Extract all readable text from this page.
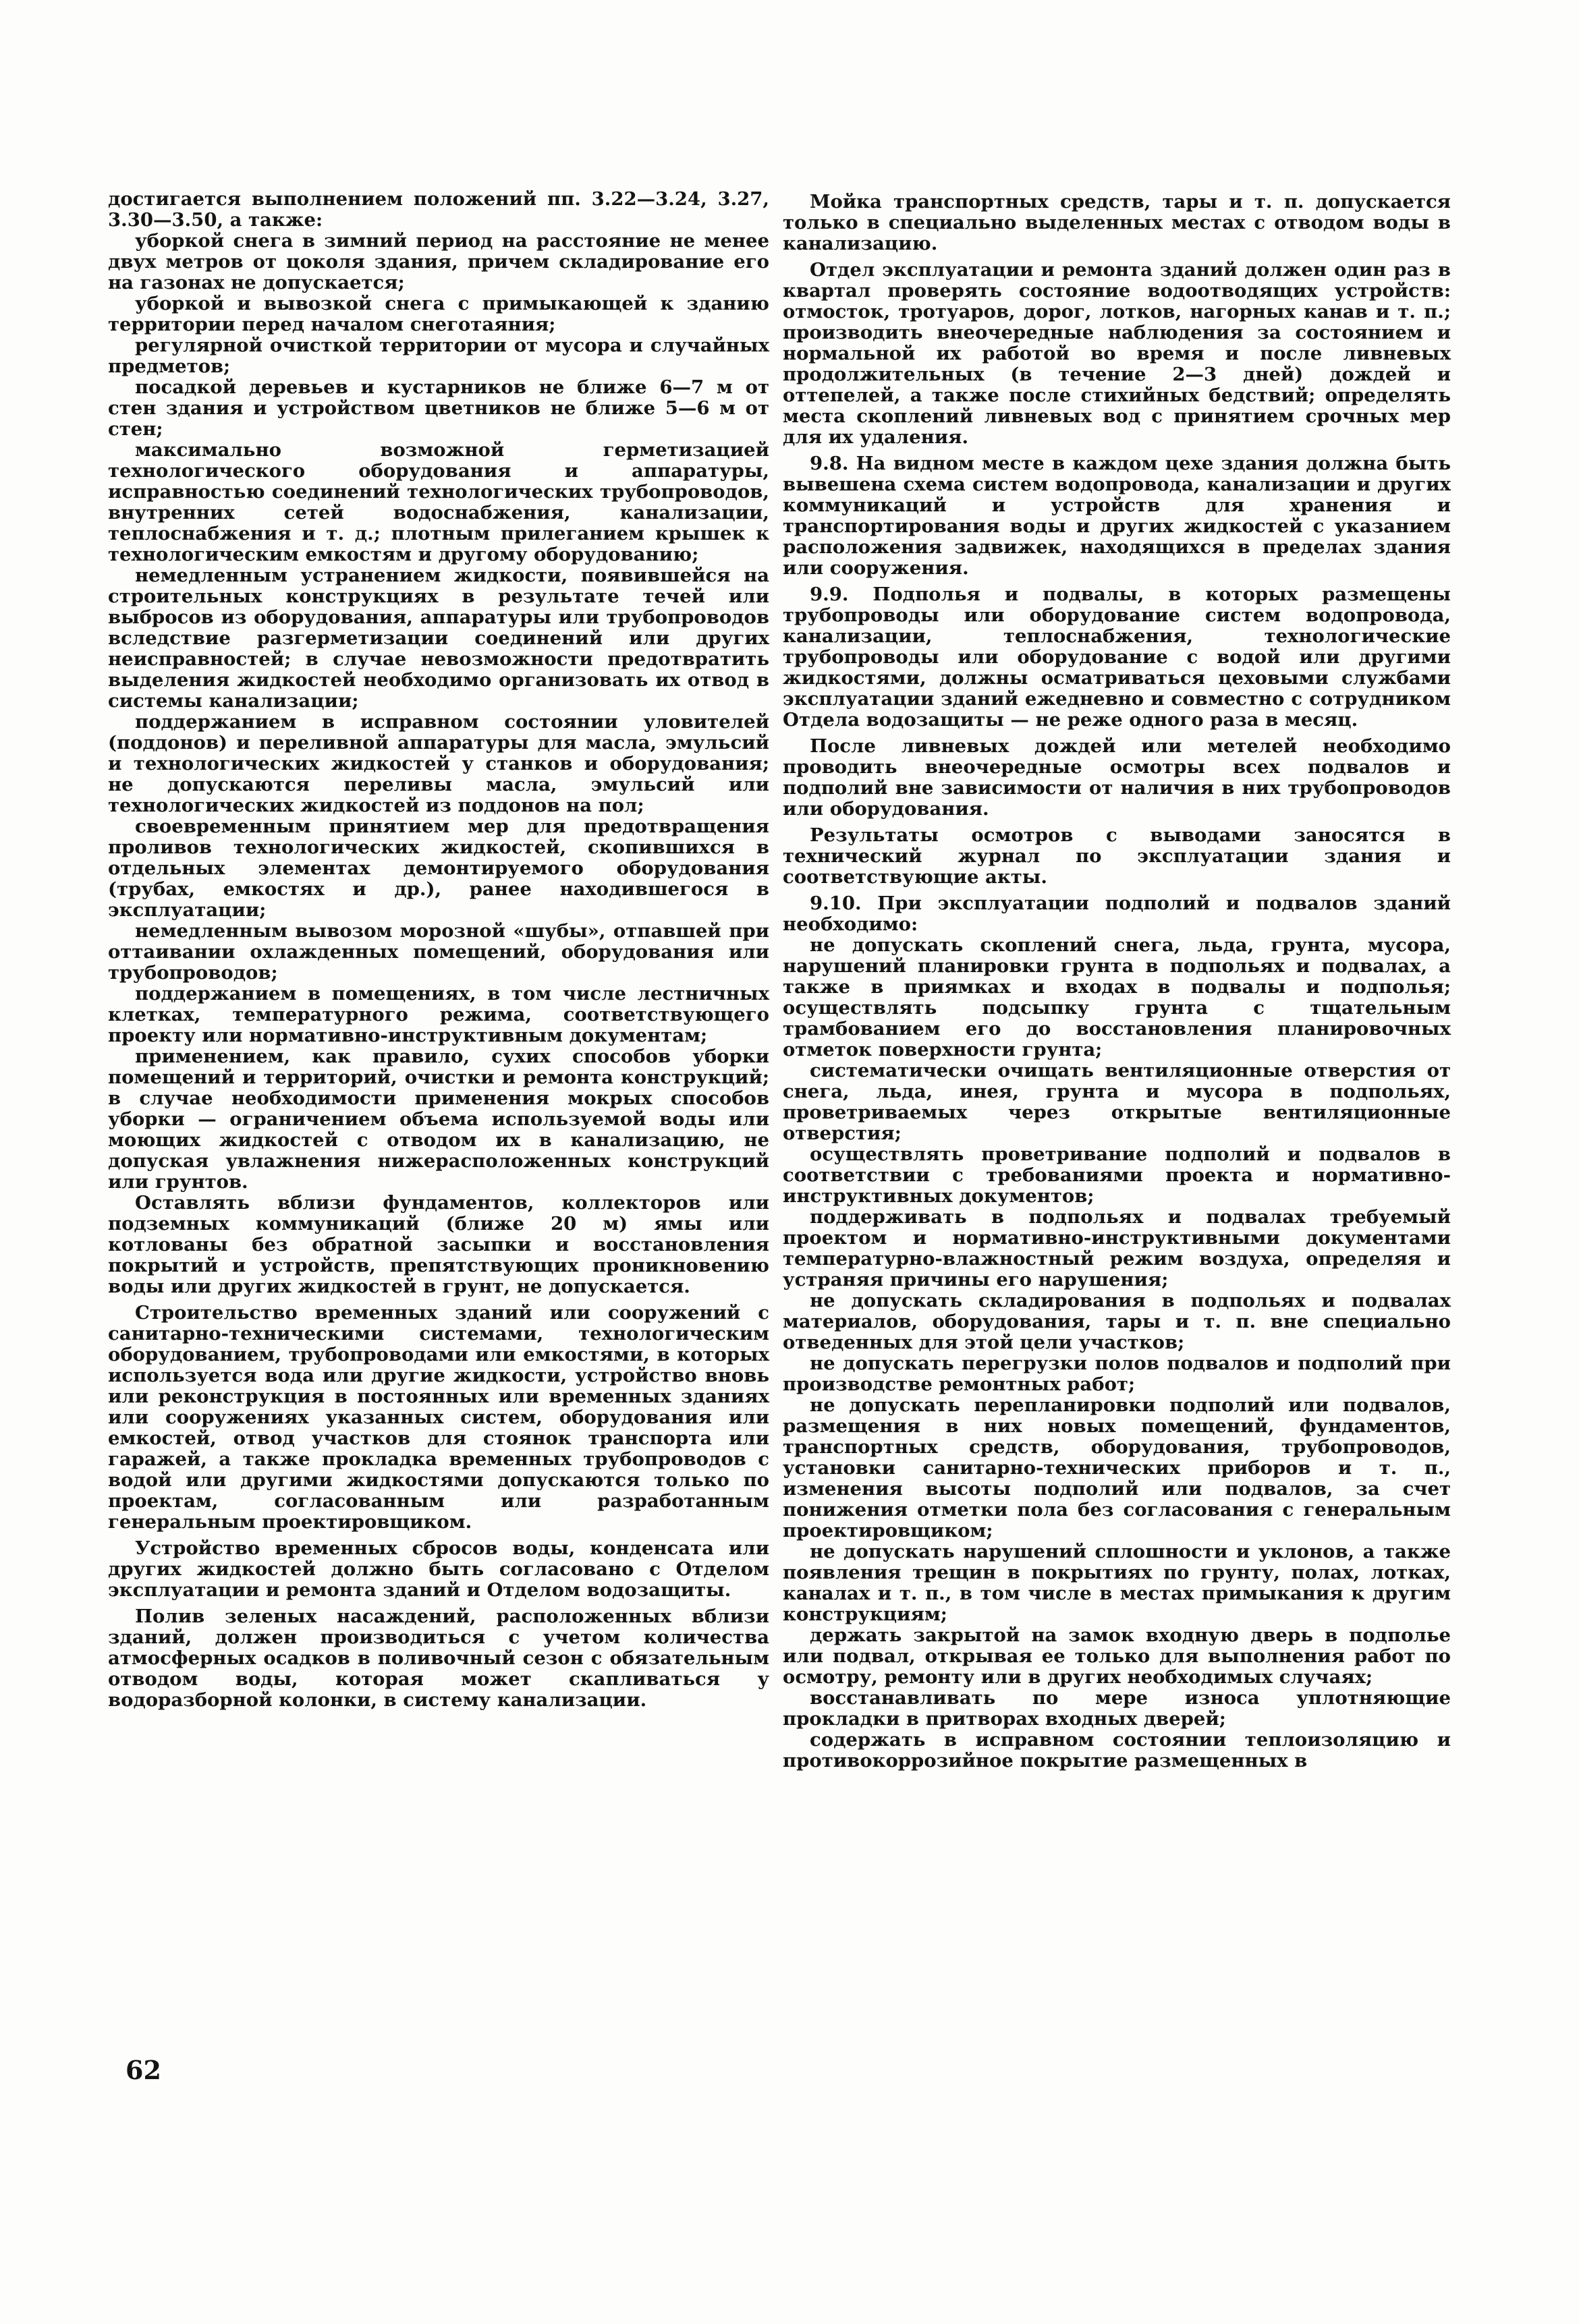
достигается выполнением положений пп. 3.22—3.24, 3.27, 3.30—3.50, а также:

уборкой снега в зимний период на расстояние не менее двух метров от цоколя здания, причем складирование его на газонах не допускается;

уборкой и вывозкой снега с примыкающей к зданию территории перед началом снеготаяния;

регулярной очисткой территории от мусора и случайных предметов;

посадкой деревьев и кустарников не ближе 6—7 м от стен здания и устройством цветников не ближе 5—6 м от стен;

максимально возможной герметизацией технологического оборудования и аппаратуры, исправностью соединений технологических трубопроводов, внутренних сетей водоснабжения, канализации, теплоснабжения и т. д.; плотным прилеганием крышек к технологическим емкостям и другому оборудованию;

немедленным устранением жидкости, появившейся на строительных конструкциях в результате течей или выбросов из оборудования, аппаратуры или трубопроводов вследствие разгерметизации соединений или других неисправностей; в случае невозможности предотвратить выделения жидкостей необходимо организовать их отвод в системы канализации;

поддержанием в исправном состоянии уловителей (поддонов) и переливной аппаратуры для масла, эмульсий и технологических жидкостей у станков и оборудования; не допускаются переливы масла, эмульсий или технологических жидкостей из поддонов на пол;

своевременным принятием мер для предотвращения проливов технологических жидкостей, скопившихся в отдельных элементах демонтируемого оборудования (трубах, емкостях и др.), ранее находившегося в эксплуатации;

немедленным вывозом морозной «шубы», отпавшей при оттаивании охлажденных помещений, оборудования или трубопроводов;

поддержанием в помещениях, в том числе лестничных клетках, температурного режима, соответствующего проекту или нормативно-инструктивным документам;

применением, как правило, сухих способов уборки помещений и территорий, очистки и ремонта конструкций; в случае необходимости применения мокрых способов уборки — ограничением объема используемой воды или моющих жидкостей с отводом их в канализацию, не допуская увлажнения нижерасположенных конструкций или грунтов.

Оставлять вблизи фундаментов, коллекторов или подземных коммуникаций (ближе 20 м) ямы или котлованы без обратной засыпки и восстановления покрытий и устройств, препятствующих проникновению воды или других жидкостей в грунт, не допускается.

Строительство временных зданий или сооружений с санитарно-техническими системами, технологическим оборудованием, трубопроводами или емкостями, в которых используется вода или другие жидкости, устройство вновь или реконструкция в постоянных или временных зданиях или сооружениях указанных систем, оборудования или емкостей, отвод участков для стоянок транспорта или гаражей, а также прокладка временных трубопроводов с водой или другими жидкостями допускаются только по проектам, согласованным или разработанным генеральным проектировщиком.

Устройство временных сбросов воды, конденсата или других жидкостей должно быть согласовано с Отделом эксплуатации и ремонта зданий и Отделом водозащиты.

Полив зеленых насаждений, расположенных вблизи зданий, должен производиться с учетом количества атмосферных осадков в поливочный сезон с обязательным отводом воды, которая может скапливаться у водоразборной колонки, в систему канализации.

Мойка транспортных средств, тары и т. п. допускается только в специально выделенных местах с отводом воды в канализацию.

Отдел эксплуатации и ремонта зданий должен один раз в квартал проверять состояние водоотводящих устройств: отмосток, тротуаров, дорог, лотков, нагорных канав и т. п.; производить внеочередные наблюдения за состоянием и нормальной их работой во время и после ливневых продолжительных (в течение 2—3 дней) дождей и оттепелей, а также после стихийных бедствий; определять места скоплений ливневых вод с принятием срочных мер для их удаления.

9.8. На видном месте в каждом цехе здания должна быть вывешена схема систем водопровода, канализации и других коммуникаций и устройств для хранения и транспортирования воды и других жидкостей с указанием расположения задвижек, находящихся в пределах здания или сооружения.

9.9. Подполья и подвалы, в которых размещены трубопроводы или оборудование систем водопровода, канализации, теплоснабжения, технологические трубопроводы или оборудование с водой или другими жидкостями, должны осматриваться цеховыми службами эксплуатации зданий ежедневно и совместно с сотрудником Отдела водозащиты — не реже одного раза в месяц.

После ливневых дождей или метелей необходимо проводить внеочередные осмотры всех подвалов и подполий вне зависимости от наличия в них трубопроводов или оборудования.

Результаты осмотров с выводами заносятся в технический журнал по эксплуатации здания и соответствующие акты.

9.10. При эксплуатации подполий и подвалов зданий необходимо:

не допускать скоплений снега, льда, грунта, мусора, нарушений планировки грунта в подпольях и подвалах, а также в приямках и входах в подвалы и подполья; осуществлять подсыпку грунта с тщательным трамбованием его до восстановления планировочных отметок поверхности грунта;

систематически очищать вентиляционные отверстия от снега, льда, инея, грунта и мусора в подпольях, проветриваемых через открытые вентиляционные отверстия;

осуществлять проветривание подполий и подвалов в соответствии с требованиями проекта и нормативно-инструктивных документов;

поддерживать в подпольях и подвалах требуемый проектом и нормативно-инструктивными документами температурно-влажностный режим воздуха, определяя и устраняя причины его нарушения;

не допускать складирования в подпольях и подвалах материалов, оборудования, тары и т. п. вне специально отведенных для этой цели участков;

не допускать перегрузки полов подвалов и подполий при производстве ремонтных работ;

не допускать перепланировки подполий или подвалов, размещения в них новых помещений, фундаментов, транспортных средств, оборудования, трубопроводов, установки санитарно-технических приборов и т. п., изменения высоты подполий или подвалов, за счет понижения отметки пола без согласования с генеральным проектировщиком;

не допускать нарушений сплошности и уклонов, а также появления трещин в покрытиях по грунту, полах, лотках, каналах и т. п., в том числе в местах примыкания к другим конструкциям;

держать закрытой на замок входную дверь в подполье или подвал, открывая ее только для выполнения работ по осмотру, ремонту или в других необходимых случаях;

восстанавливать по мере износа уплотняющие прокладки в притворах входных дверей;

содержать в исправном состоянии теплоизоляцию и противокоррозийное покрытие размещенных в

62
